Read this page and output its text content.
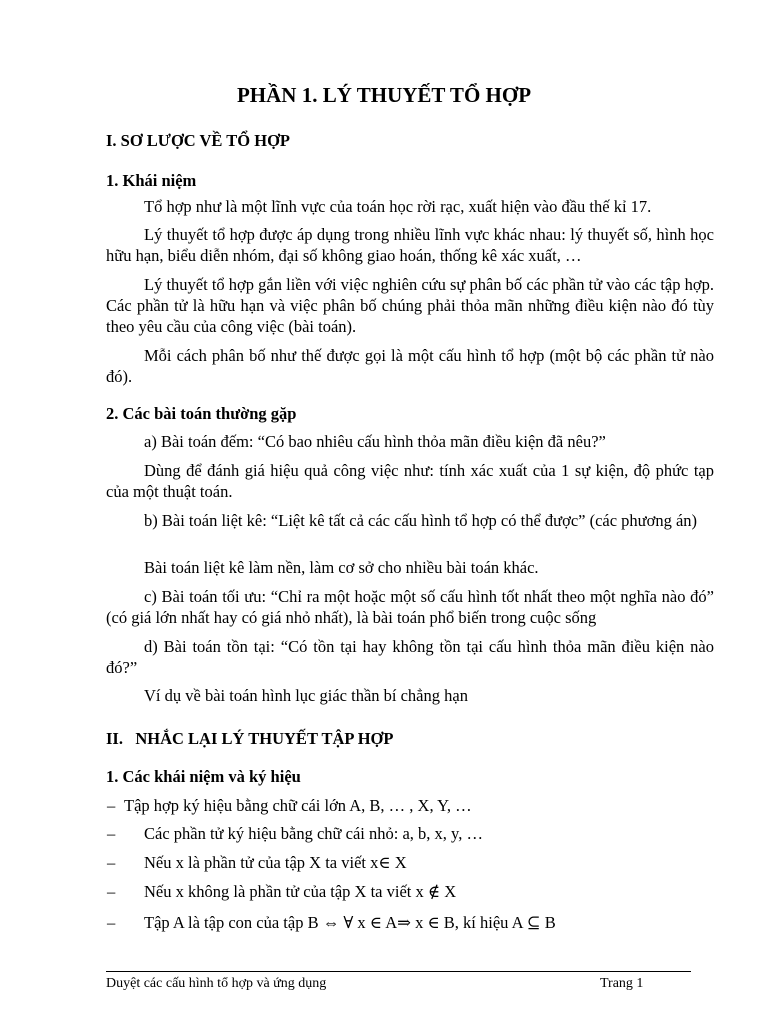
PHẦN 1. LÝ THUYẾT TỔ HỢP
I. SƠ LƯỢC VỀ TỔ HỢP
1. Khái niệm
Tổ hợp như là một lĩnh vực của toán học rời rạc, xuất hiện vào đầu thế kỉ 17.
Lý thuyết tổ hợp được áp dụng trong nhiều lĩnh vực khác nhau: lý thuyết số, hình học hữu hạn, biểu diễn nhóm, đại số không giao hoán, thống kê xác xuất, …
Lý thuyết tổ hợp gắn liền với việc nghiên cứu sự phân bố các phần tử vào các tập hợp. Các phần tử là hữu hạn và việc phân bố chúng phải thỏa mãn những điều kiện nào đó tùy theo yêu cầu của công việc (bài toán).
Mỗi cách phân bố như thế được gọi là một cấu hình tổ hợp (một bộ các phần tử nào đó).
2. Các bài toán thường gặp
a) Bài toán đếm: “Có bao nhiêu cấu hình thỏa mãn điều kiện đã nêu?”
Dùng để đánh giá hiệu quả công việc như: tính xác xuất của 1 sự kiện, độ phức tạp của một thuật toán.
b) Bài toán liệt kê: “Liệt kê tất cả các cấu hình tổ hợp có thể được” (các phương án)
Bài toán liệt kê làm nền, làm cơ sở cho nhiều bài toán khác.
c) Bài toán tối ưu: “Chỉ ra một hoặc một số cấu hình tốt nhất theo một nghĩa nào đó” (có giá lớn nhất hay có giá nhỏ nhất), là bài toán phổ biến trong cuộc sống
d) Bài toán tồn tại: “Có tồn tại hay không tồn tại cấu hình thỏa mãn điều kiện nào đó?”
Ví dụ về bài toán hình lục giác thần bí chẳng hạn
II.   NHẮC LẠI LÝ THUYẾT TẬP HỢP
1. Các khái niệm và ký hiệu
– Tập hợp ký hiệu bằng chữ cái lớn A, B, … , X, Y, …
– Các phần tử ký hiệu bằng chữ cái nhỏ: a, b, x, y, …
– Nếu x là phần tử của tập X ta viết x∈ X
– Nếu x không là phần tử của tập X ta viết x ∉ X
– Tập A là tập con của tập B ⇔ ∀ x ∈ A⇒ x ∈ B, kí hiệu A ⊆ B
Duyệt các cấu hình tổ hợp và ứng dụng	Trang 1
